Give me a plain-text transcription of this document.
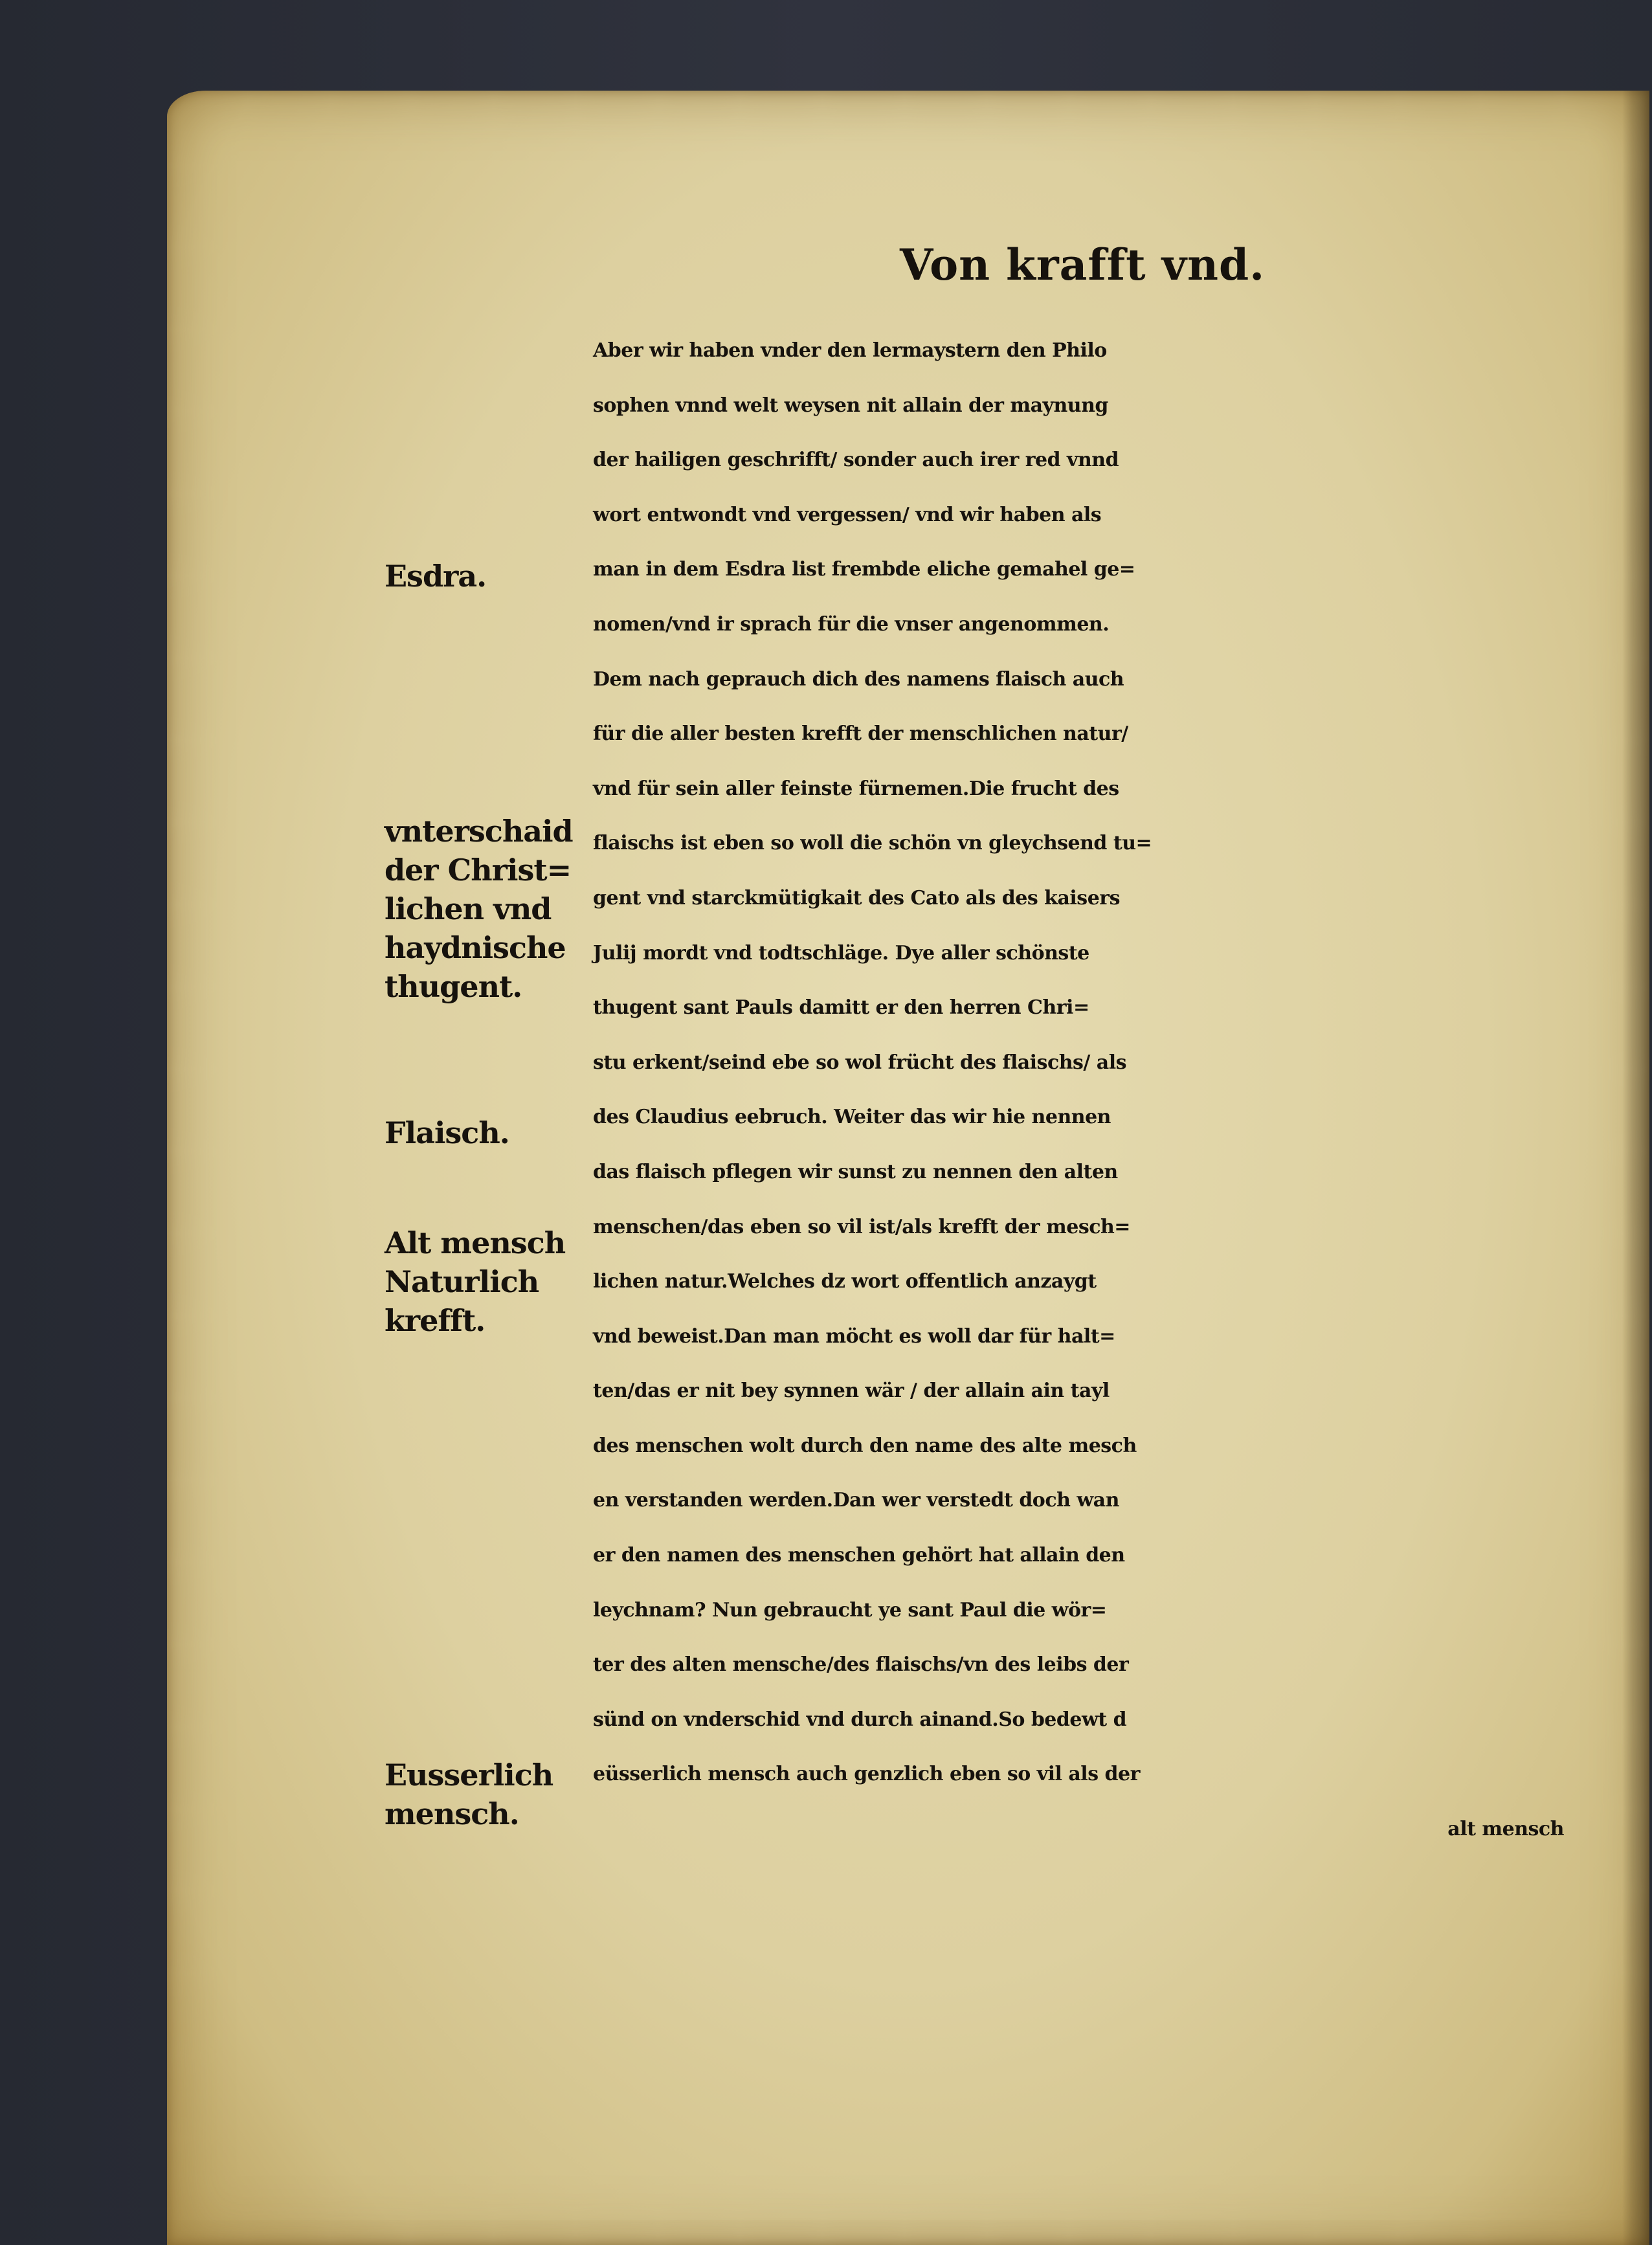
Von krafft vnd.
Aber wir haben vnder den lermaystern den Philo
sophen vnnd welt weysen nit allain der maynung
der hailigen geschrifft/ sonder auch irer red vnnd
wort entwondt vnd vergessen/ vnd wir haben als
man in dem Esdra list frembde eliche gemahel ge=
nomen/vnd ir sprach für die vnser angenommen.
Dem nach geprauch dich des namens flaisch auch
für die aller besten krefft der menschlichen natur/
vnd für sein aller feinste fürnemen.Die frucht des
flaischs ist eben so woll die schön vn gleychsend tu=
gent vnd starckmütigkait des Cato als des kaisers
Julij mordt vnd todtschläge. Dye aller schönste
thugent sant Pauls damitt er den herren Chri=
stu erkent/seind ebe so wol frücht des flaischs/ als
des Claudius eebruch. Weiter das wir hie nennen
das flaisch pflegen wir sunst zu nennen den alten
menschen/das eben so vil ist/als krefft der mesch=
lichen natur.Welches dz wort offentlich anzaygt
vnd beweist.Dan man möcht es woll dar für halt=
ten/das er nit bey synnen wär / der allain ain tayl
des menschen wolt durch den name des alte mesch
en verstanden werden.Dan wer verstedt doch wan
er den namen des menschen gehört hat allain den
leychnam? Nun gebraucht ye sant Paul die wör=
ter des alten mensche/des flaischs/vn des leibs der
sünd on vnderschid vnd durch ainand.So bedewt d
eüsserlich mensch auch genzlich eben so vil als der
alt mensch
Esdra.
vnterschaid
der Christ=
lichen vnd
haydnische
thugent.
Flaisch.
Alt mensch
Naturlich
krefft.
Eusserlich
mensch.
